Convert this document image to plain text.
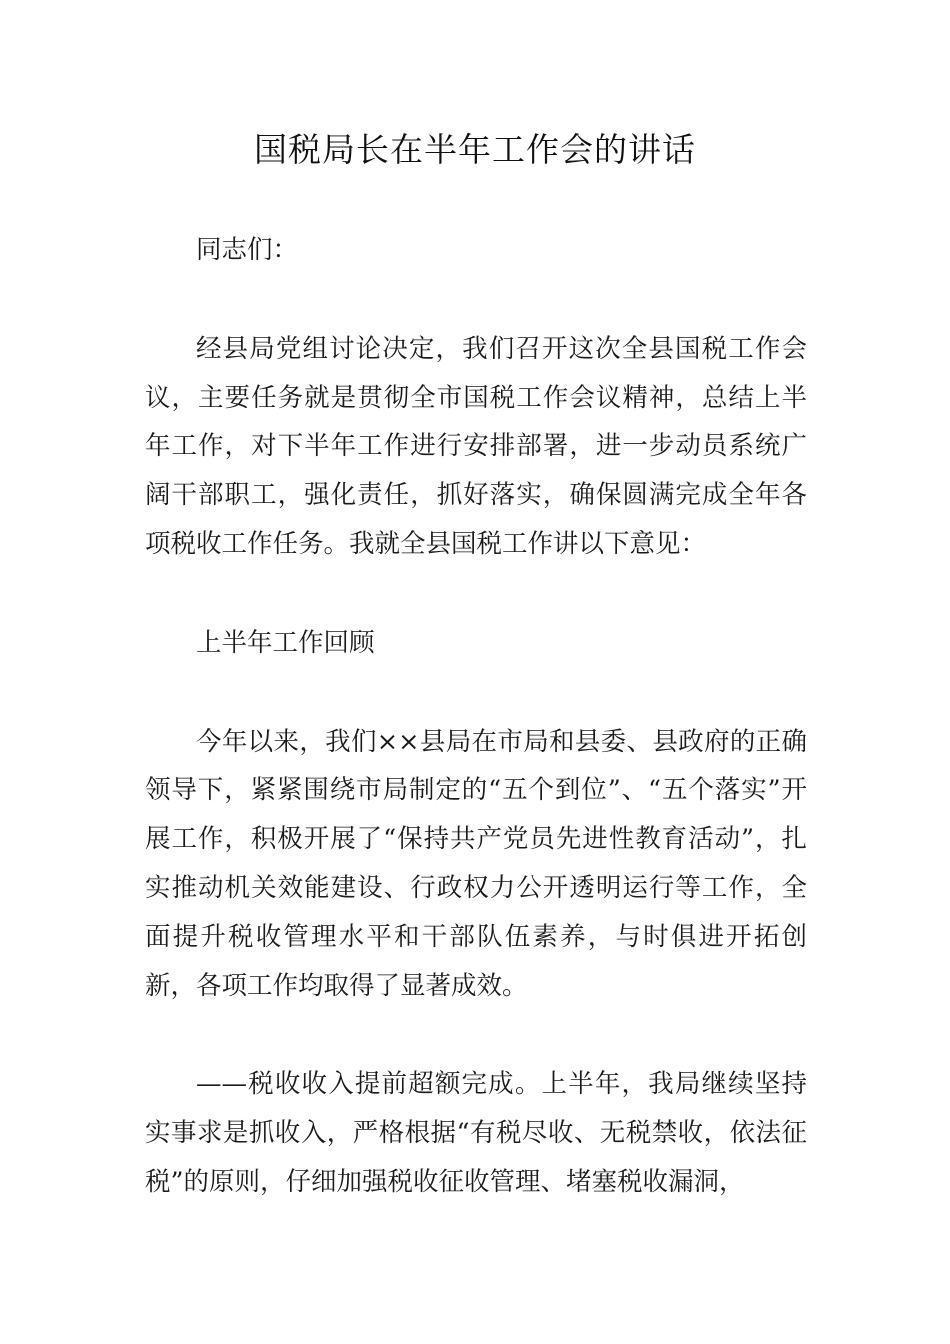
国税局长在半年工作会的讲话

同志们：

经县局党组讨论决定，我们召开这次全县国税工作会议，主要任务就是贯彻全市国税工作会议精神，总结上半年工作，对下半年工作进行安排部署，进一步动员系统广阔干部职工，强化责任，抓好落实，确保圆满完成全年各项税收工作任务。我就全县国税工作讲以下意见：

上半年工作回顾

今年以来，我们××县局在市局和县委、县政府的正确领导下，紧紧围绕市局制定的“五个到位”、“五个落实”开展工作，积极开展了“保持共产党员先进性教育活动”，扎实推动机关效能建设、行政权力公开透明运行等工作，全面提升税收管理水平和干部队伍素养，与时俱进开拓创新，各项工作均取得了显著成效。

——税收收入提前超额完成。上半年，我局继续坚持实事求是抓收入，严格根据“有税尽收、无税禁收，依法征税”的原则，仔细加强税收征收管理、堵塞税收漏洞，
